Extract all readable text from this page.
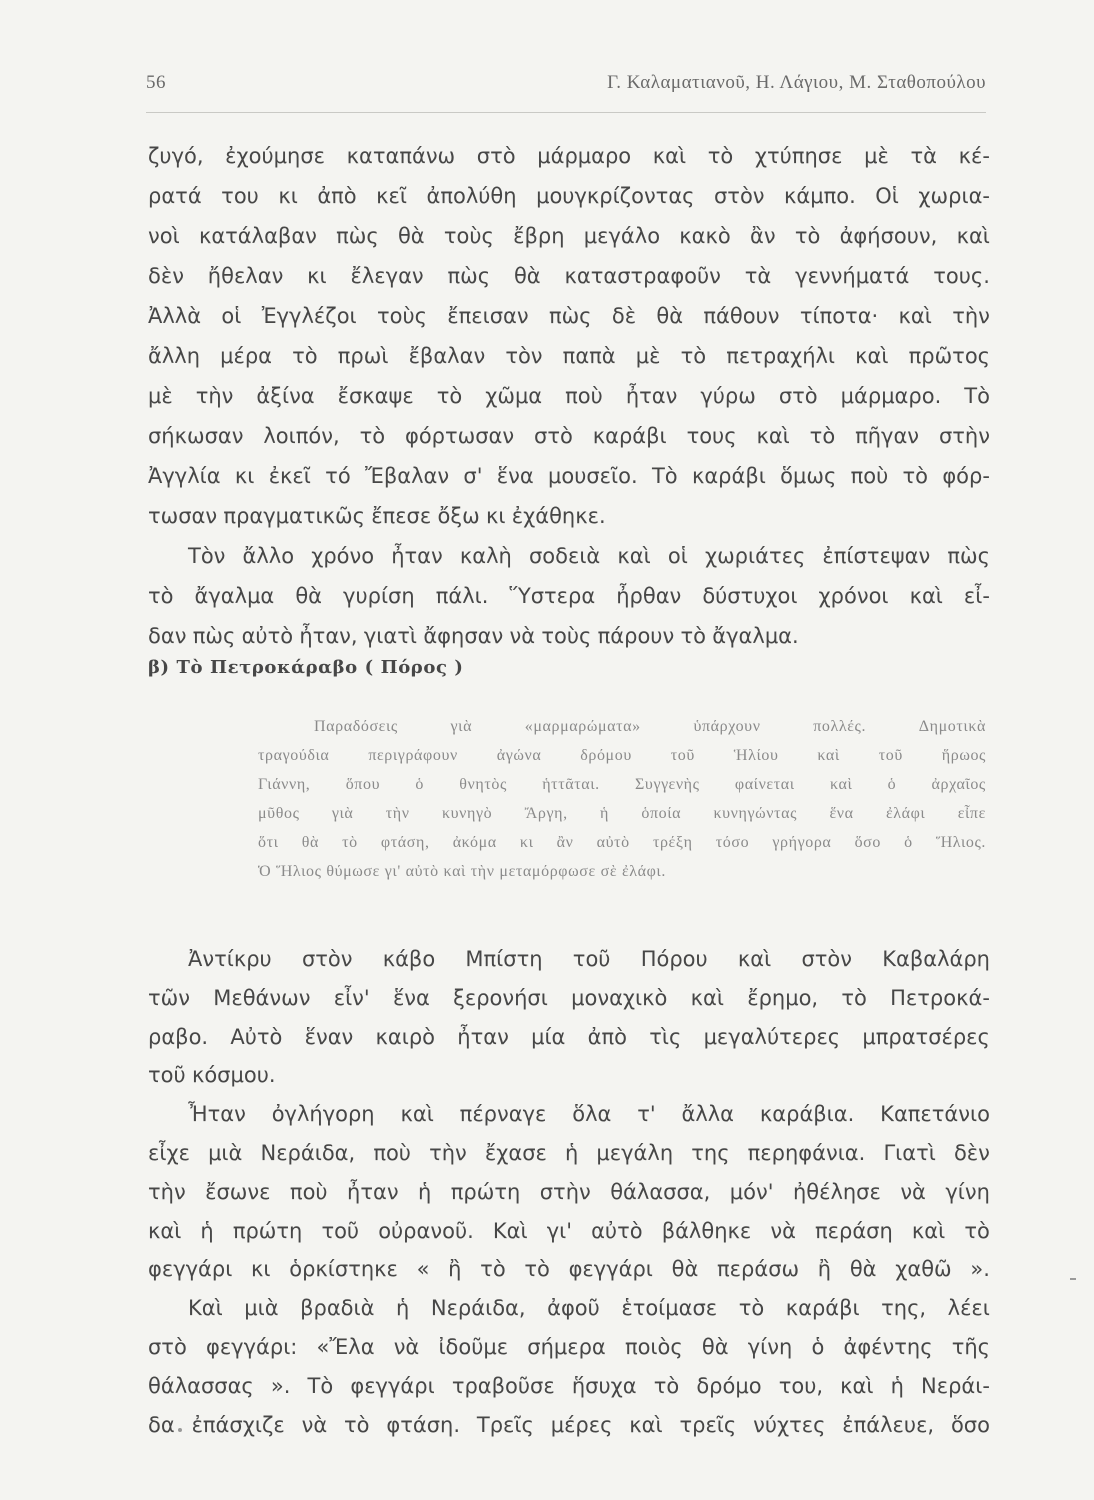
56	Γ. Καλαματιανοῦ, Η. Λάγιου, Μ. Σταθοπούλου
ζυγό, ἐχούμησε καταπάνω στὸ μάρμαρο καὶ τὸ χτύπησε μὲ τὰ κέ-
ρατά του κι ἀπὸ κεῖ ἀπολύθη μουγκρίζοντας στὸν κάμπο. Οἱ χωρια-
νοὶ κατάλαβαν πὼς θὰ τοὺς ἔβρη μεγάλο κακὸ ἂν τὸ ἀφήσουν, καὶ
δὲν ἤθελαν κι ἔλεγαν πὼς θὰ καταστραφοῦν τὰ γεννήματά τους.
Ἀλλὰ οἱ Ἐγγλέζοι τοὺς ἔπεισαν πὼς δὲ θὰ πάθουν τίποτα· καὶ τὴν
ἄλλη μέρα τὸ πρωὶ ἔβαλαν τὸν παπὰ μὲ τὸ πετραχήλι καὶ πρῶτος
μὲ τὴν ἀξίνα ἔσκαψε τὸ χῶμα ποὺ ἦταν γύρω στὸ μάρμαρο. Τὸ
σήκωσαν λοιπόν, τὸ φόρτωσαν στὸ καράβι τους καὶ τὸ πῆγαν στὴν
Ἀγγλία κι ἐκεῖ τό Ἔβαλαν σ' ἕνα μουσεῖο. Τὸ καράβι ὅμως ποὺ τὸ φόρ-
τωσαν πραγματικῶς ἔπεσε ὄξω κι ἐχάθηκε.
Τὸν ἄλλο χρόνο ἦταν καλὴ σοδειὰ καὶ οἱ χωριάτες ἐπίστεψαν πὼς
τὸ ἄγαλμα θὰ γυρίση πάλι. Ὕστερα ἦρθαν δύστυχοι χρόνοι καὶ εἶ-
δαν πὼς αὐτὸ ἦταν, γιατὶ ἄφησαν νὰ τοὺς πάρουν τὸ ἄγαλμα.
β) Τὸ Πετροκάραβο ( Πόρος )
Παραδόσεις	γιὰ	«μαρμαρώματα»	ὑπάρχουν	πολλές.	Δημοτικὰ
τραγούδια περιγράφουν ἀγώνα δρόμου τοῦ Ἡλίου καὶ τοῦ ἥρωος
Γιάννη, ὅπου ὁ θνητὸς ἡττᾶται. Συγγενὴς φαίνεται καὶ ὁ ἀρχαῖος
μῦθος γιὰ τὴν κυνηγὸ Ἄργη, ἡ ὁποία κυνηγώντας ἕνα ἐλάφι εἶπε
ὅτι θὰ τὸ φτάση, ἀκόμα κι ἂν αὐτὸ τρέξη τόσο γρήγορα ὅσο ὁ Ἥλιος.
Ὁ Ἥλιος θύμωσε γι' αὐτὸ καὶ τὴν μεταμόρφωσε σὲ ἐλάφι.
Ἀντίκρυ στὸν κάβο Μπίστη τοῦ Πόρου καὶ στὸν Καβαλάρη
τῶν Μεθάνων εἶν' ἕνα ξερονήσι μοναχικὸ καὶ ἔρημο, τὸ Πετροκά-
ραβο. Αὐτὸ ἕναν καιρὸ ἦταν μία ἀπὸ τὶς μεγαλύτερες μπρατσέρες
τοῦ κόσμου.
Ἦταν ὀγλήγορη καὶ πέρναγε ὅλα τ' ἄλλα καράβια. Καπετάνιο
εἶχε μιὰ Νεράιδα, ποὺ τὴν ἔχασε ἡ μεγάλη της περηφάνια. Γιατὶ δὲν
τὴν ἔσωνε ποὺ ἦταν ἡ πρώτη στὴν θάλασσα, μόν' ἠθέλησε νὰ γίνη
καὶ ἡ πρώτη τοῦ οὐρανοῦ. Καὶ γι' αὐτὸ βάλθηκε νὰ περάση καὶ τὸ
φεγγάρι κι ὁρκίστηκε « ἢ τὸ τὸ φεγγάρι θὰ περάσω ἢ θὰ χαθῶ ».
Καὶ μιὰ βραδιὰ ἡ Νεράιδα, ἀφοῦ ἑτοίμασε τὸ καράβι της, λέει
στὸ φεγγάρι: «Ἔλα νὰ ἰδοῦμε σήμερα ποιὸς θὰ γίνη ὁ ἀφέντης τῆς
θάλασσας ». Τὸ φεγγάρι τραβοῦσε ἥσυχα τὸ δρόμο του, καὶ ἡ Νεράι-
δα ἐπάσχιζε νὰ τὸ φτάση. Τρεῖς μέρες καὶ τρεῖς νύχτες ἐπάλευε, ὅσο
